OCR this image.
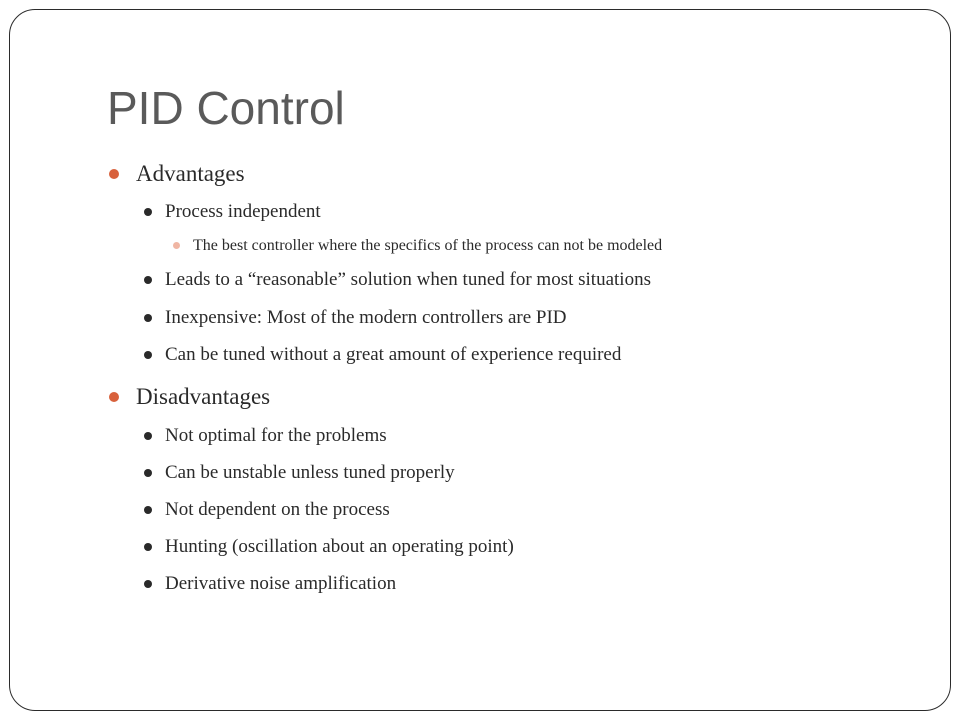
PID Control
Advantages
Process independent
The best controller where the specifics of the process can not be modeled
Leads to a “reasonable” solution when tuned for most situations
Inexpensive: Most of the modern controllers are PID
Can be tuned without a great amount of experience required
Disadvantages
Not optimal for the problems
Can be unstable unless tuned properly
Not dependent on the process
Hunting (oscillation about an operating point)
Derivative noise amplification
